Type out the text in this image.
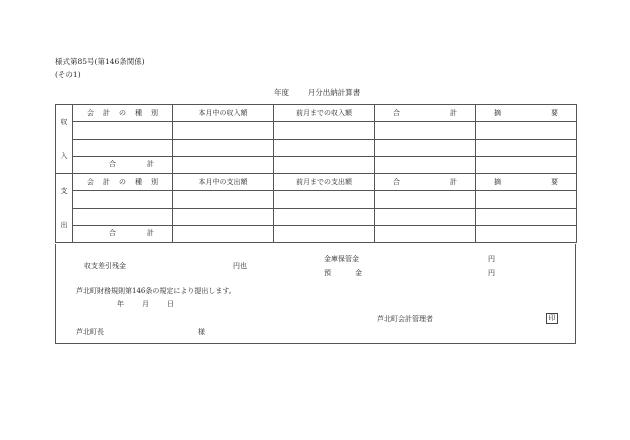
様式第85号(第146条関係)
(その1)
年度	月分出納計算書
収
入	会 計 の 種 別	本月中の収入額	前月までの収入額	合 計	摘 要

	合 計				

支
出	会 計 の 種 別	本月中の支出額	前月までの支出額	合 計	摘 要

	合 計				

収支差引残金	円也
金庫保管金	円
預	金	円
芦北町財務規則第146条の規定により提出します。
年	月	日
芦北町会計管理者	印
芦北町長	様
